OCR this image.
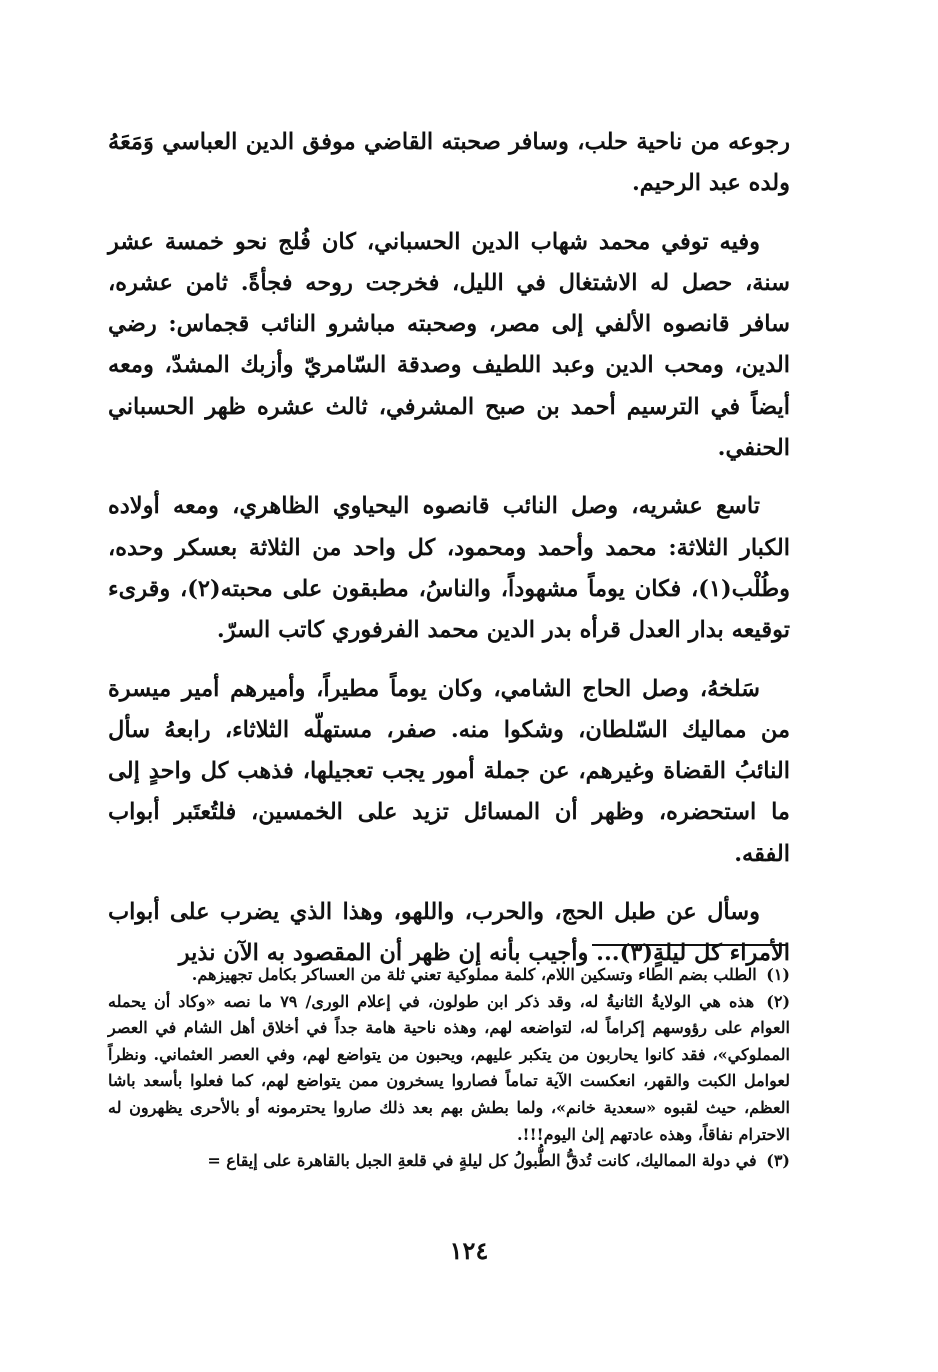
رجوعه من ناحية حلب، وسافر صحبته القاضي موفق الدين العباسي وَمَعَهُ ولده عبد الرحيم.

وفيه توفي محمد شهاب الدين الحسباني، كان فُلج نحو خمسة عشر سنة، حصل له الاشتغال في الليل، فخرجت روحه فجأةً. ثامن عشره، سافر قانصوه الألفي إلى مصر، وصحبته مباشرو النائب قجماس: رضي الدين، ومحب الدين وعبد اللطيف وصدقة السّامريّ وأزبك المشدّ، ومعه أيضاً في الترسيم أحمد بن صبح المشرفي، ثالث عشره ظهر الحسباني الحنفي.

تاسع عشريه، وصل النائب قانصوه اليحياوي الظاهري، ومعه أولاده الكبار الثلاثة: محمد وأحمد ومحمود، كل واحد من الثلاثة بعسكر وحده، وطُلْب(١)، فكان يوماً مشهوداً، والناسُ، مطبقون على محبته(٢)، وقرىء توقيعه بدار العدل قرأه بدر الدين محمد الفرفوري كاتب السرّ.

سَلخهُ، وصل الحاج الشامي، وكان يوماً مطيراً، وأميرهم أمير ميسرة من مماليك السّلطان، وشكوا منه. صفر، مستهلّه الثلاثاء، رابعهُ سأل النائبُ القضاة وغيرهم، عن جملة أمور يجب تعجيلها، فذهب كل واحدٍ إلى ما استحضره، وظهر أن المسائل تزيد على الخمسين، فلتُعتَبر أبواب الفقه.

وسأل عن طبل الحج، والحرب، واللهو، وهذا الذي يضرب على أبواب الأمراء كل ليلةٍ(٣)... وأجيب بأنه إن ظهر أن المقصود به الآن نذير

(١) الطلب بضم الطاء وتسكين اللام، كلمة مملوكية تعني ثلة من العساكر بكامل تجهيزهم.

(٢) هذه هي الولايةُ الثانيةُ له، وقد ذكر ابن طولون، في إعلام الورى/ ٧٩ ما نصه «وكاد أن يحمله العوام على رؤوسهم إكراماً له، لتواضعه لهم، وهذه ناحية هامة جداً في أخلاق أهل الشام في العصر المملوكي»، فقد كانوا يحاربون من يتكبر عليهم، ويحبون من يتواضع لهم، وفي العصر العثماني. ونظراً لعوامل الكبت والقهر، انعكست الآية تماماً فصاروا يسخرون ممن يتواضع لهم، كما فعلوا بأسعد باشا العظم، حيث لقبوه «سعدية خانم»، ولما بطش بهم بعد ذلك صاروا يحترمونه أو بالأحرى يظهرون له الاحترام نفاقاً، وهذه عادتهم إلىٰ اليوم!!!.

(٣) في دولة المماليك، كانت تُدقُّ الطُّبولُ كل ليلةٍ في قلعةِ الجبل بالقاهرة على إيقاع =

١٢٤
